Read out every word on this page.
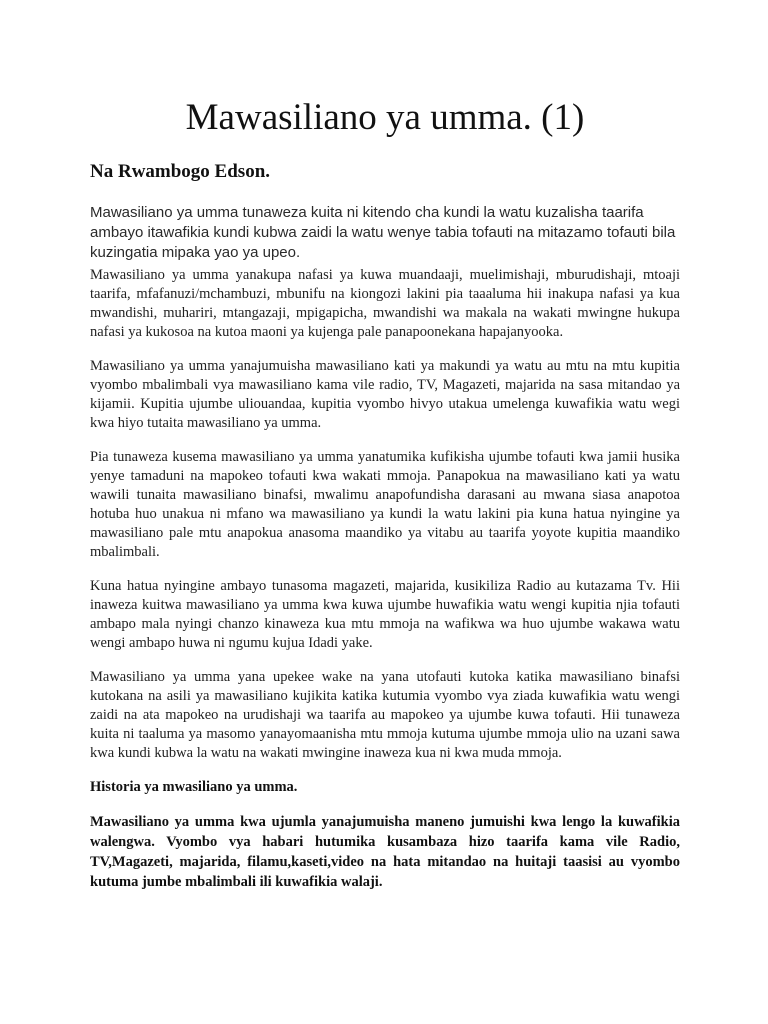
Mawasiliano ya umma. (1)

Na Rwambogo Edson.

Mawasiliano ya umma tunaweza kuita ni kitendo cha kundi la watu kuzalisha taarifa ambayo itawafikia kundi kubwa zaidi la watu wenye tabia tofauti na mitazamo tofauti bila kuzingatia mipaka yao ya upeo.

Mawasiliano ya umma yanakupa nafasi ya kuwa muandaaji, muelimishaji, mburudishaji, mtoaji taarifa, mfafanuzi/mchambuzi, mbunifu na kiongozi lakini pia taaaluma hii inakupa nafasi ya kua mwandishi, muhariri, mtangazaji, mpigapicha, mwandishi wa makala na wakati mwingne hukupa nafasi ya kukosoa na kutoa maoni ya kujenga pale panapoonekana hapajanyooka.

Mawasiliano ya umma yanajumuisha mawasiliano kati ya makundi ya watu au mtu na mtu kupitia vyombo mbalimbali vya mawasiliano kama vile radio, TV, Magazeti, majarida na sasa mitandao ya kijamii. Kupitia ujumbe uliouandaa, kupitia vyombo hivyo utakua umelenga kuwafikia watu wegi kwa hiyo tutaita mawasiliano ya umma.

Pia tunaweza kusema mawasiliano ya umma yanatumika kufikisha ujumbe tofauti kwa jamii husika yenye tamaduni na mapokeo tofauti kwa wakati mmoja. Panapokua na mawasiliano kati ya watu wawili tunaita mawasiliano binafsi, mwalimu anapofundisha darasani au mwana siasa anapotoa hotuba huo unakua ni mfano wa mawasiliano ya kundi la watu lakini pia kuna hatua nyingine ya mawasiliano pale mtu anapokua anasoma maandiko ya vitabu au taarifa yoyote kupitia maandiko mbalimbali.

Kuna hatua nyingine ambayo tunasoma magazeti, majarida, kusikiliza Radio au kutazama Tv. Hii inaweza kuitwa mawasiliano ya umma kwa kuwa ujumbe huwafikia watu wengi kupitia njia tofauti ambapo mala nyingi chanzo kinaweza kua mtu mmoja na wafikwa wa huo ujumbe wakawa watu wengi ambapo huwa ni ngumu kujua Idadi yake.

Mawasiliano ya umma yana upekee wake na yana utofauti kutoka katika mawasiliano binafsi kutokana na asili ya mawasiliano kujikita katika kutumia vyombo vya ziada kuwafikia watu wengi zaidi na ata mapokeo na urudishaji wa taarifa au mapokeo ya ujumbe kuwa tofauti. Hii tunaweza kuita ni taaluma ya masomo yanayomaanisha mtu mmoja kutuma ujumbe mmoja ulio na uzani sawa kwa kundi kubwa la watu na wakati mwingine inaweza kua ni kwa muda mmoja.

Historia ya mwasiliano ya umma.

Mawasiliano ya umma kwa ujumla yanajumuisha maneno jumuishi kwa lengo la kuwafikia walengwa. Vyombo vya habari hutumika kusambaza hizo taarifa kama vile Radio, TV,Magazeti, majarida, filamu,kaseti,video na hata mitandao na huitaji taasisi au vyombo kutuma jumbe mbalimbali ili kuwafikia walaji.
